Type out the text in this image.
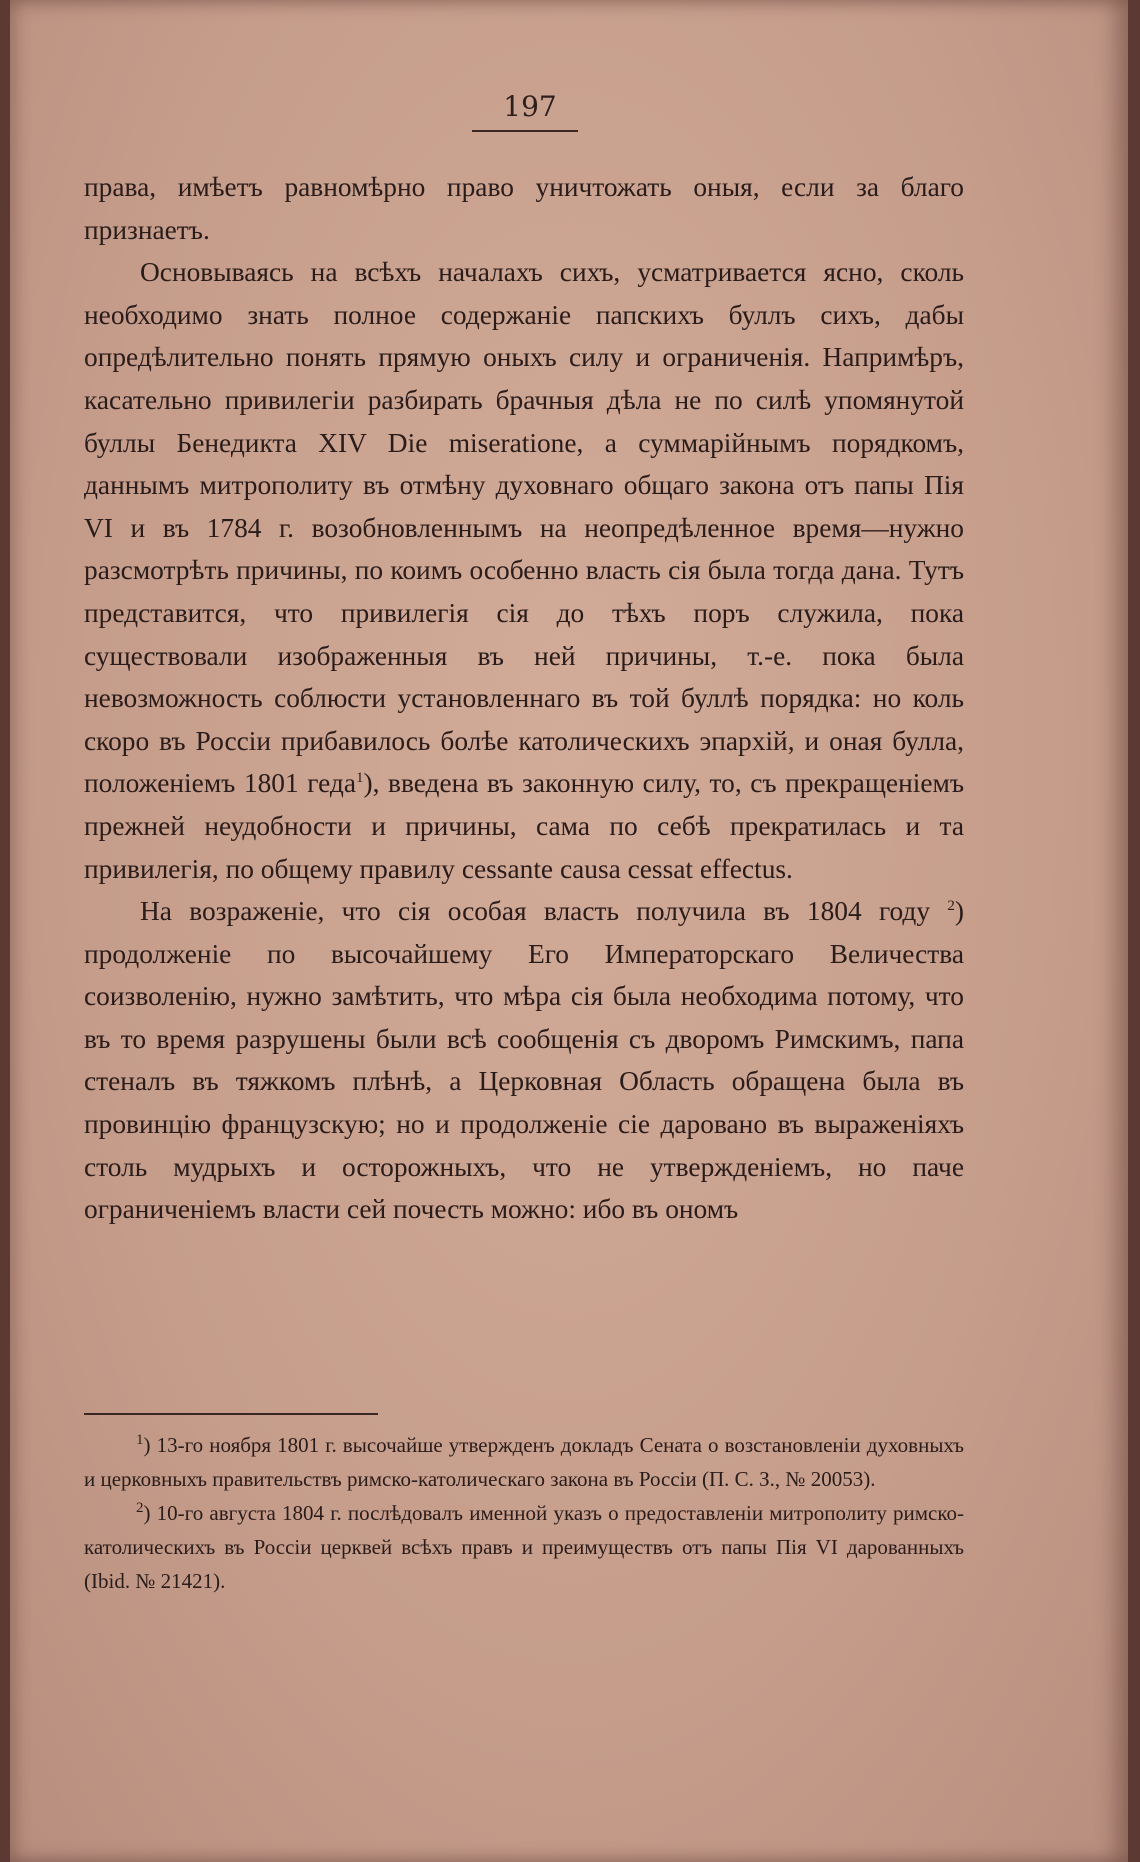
197

права, имѣетъ равномѣрно право уничтожать оныя, если за благо признаетъ.

Основываясь на всѣхъ началахъ сихъ, усматривается ясно, сколь необходимо знать полное содержаніе папскихъ буллъ сихъ, дабы опредѣлительно понять прямую оныхъ силу и ограниченія. Напримѣръ, касательно привилегіи разбирать брачныя дѣла не по силѣ упомянутой буллы Бенедикта XIV Die miseratione, а суммарійнымъ порядкомъ, даннымъ митрополиту въ отмѣну духовнаго общаго закона отъ папы Пія VI и въ 1784 г. возобновленнымъ на неопредѣленное время—нужно разсмотрѣть причины, по коимъ особенно власть сія была тогда дана. Тутъ представится, что привилегія сія до тѣхъ поръ служила, пока существовали изображенныя въ ней причины, т.-е. пока была невозможность соблюсти установленнаго въ той буллѣ порядка: но коль скоро въ Россіи прибавилось болѣе католическихъ эпархій, и оная булла, положеніемъ 1801 геда$^1$), введена въ законную силу, то, съ прекращеніемъ прежней неудобности и причины, сама по себѣ прекратилась и та привилегія, по общему правилу cessante causa cessat effectus.

На возраженіе, что сія особая власть получила въ 1804 году $^2$) продолженіе по высочайшему Его Императорскаго Величества соизволенію, нужно замѣтить, что мѣра сія была необходима потому, что въ то время разрушены были всѣ сообщенія съ дворомъ Римскимъ, папа стеналъ въ тяжкомъ плѣнѣ, а Церковная Область обращена была въ провинцію французскую; но и продолженіе сіе даровано въ выраженіяхъ столь мудрыхъ и осторожныхъ, что не утвержденіемъ, но паче ограниченіемъ власти сей почесть можно: ибо въ ономъ

$^1$) 13-го ноября 1801 г. высочайше утвержденъ докладъ Сената о возстановленіи духовныхъ и церковныхъ правительствъ римско-католическаго закона въ Россіи (П. С. З., № 20053).

$^2$) 10-го августа 1804 г. послѣдовалъ именной указъ о предоставленіи митрополиту римско-католическихъ въ Россіи церквей всѣхъ правъ и преимуществъ отъ папы Пія VI дарованныхъ (Ibid. № 21421).
